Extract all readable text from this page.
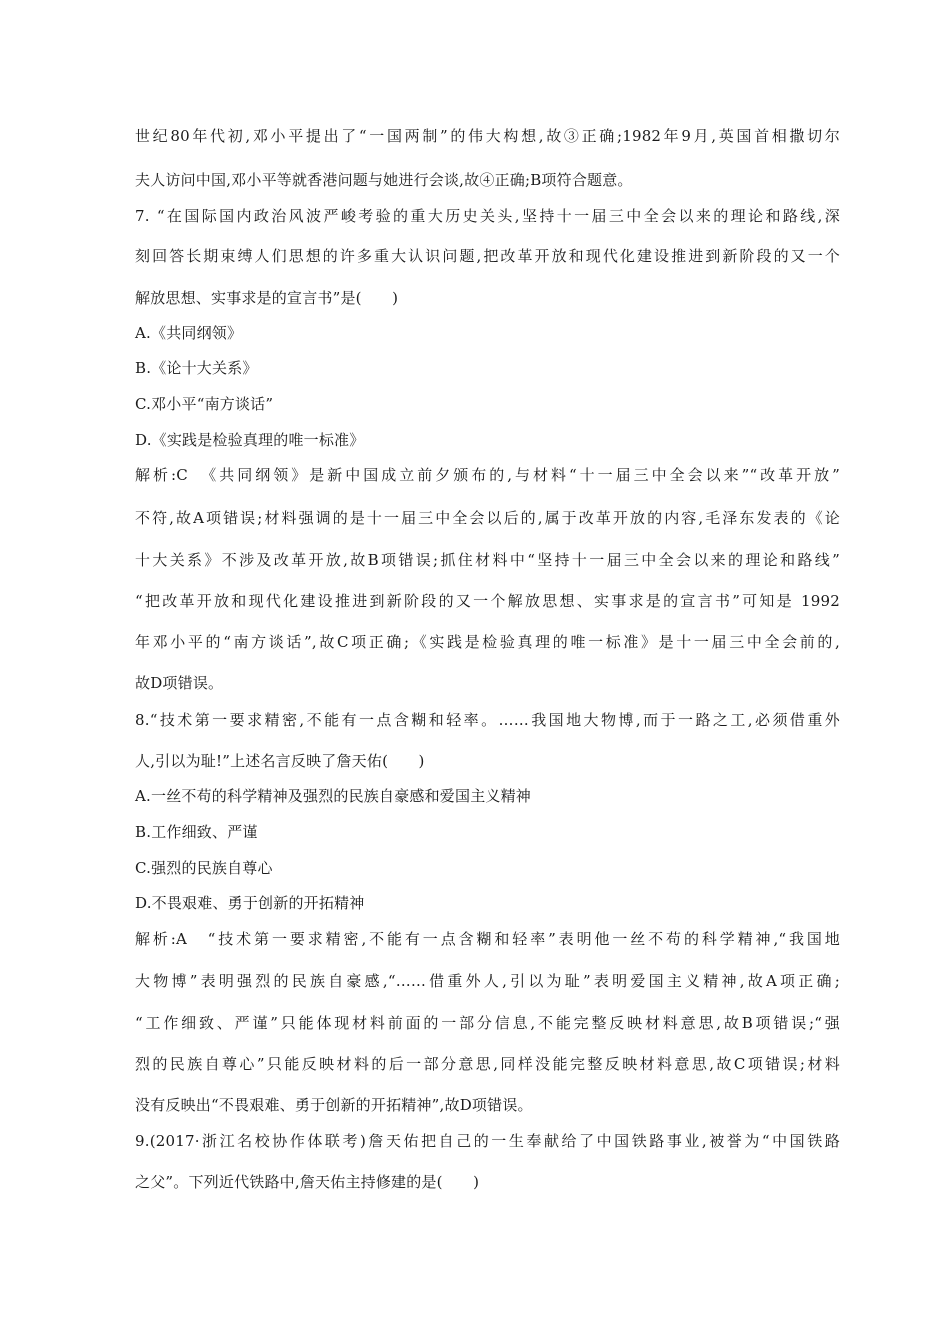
世纪80年代初,邓小平提出了“一国两制”的伟大构想,故③正确;1982年9月,英国首相撒切尔
夫人访问中国,邓小平等就香港问题与她进行会谈,故④正确;B项符合题意。
7. “在国际国内政治风波严峻考验的重大历史关头,坚持十一届三中全会以来的理论和路线,深
刻回答长期束缚人们思想的许多重大认识问题,把改革开放和现代化建设推进到新阶段的又一个
解放思想、实事求是的宣言书”是(　　)
A.《共同纲领》
B.《论十大关系》
C.邓小平“南方谈话”
D.《实践是检验真理的唯一标准》
解析:C　《共同纲领》是新中国成立前夕颁布的,与材料“十一届三中全会以来”“改革开放”
不符,故A项错误;材料强调的是十一届三中全会以后的,属于改革开放的内容,毛泽东发表的《论
十大关系》不涉及改革开放,故B项错误;抓住材料中“坚持十一届三中全会以来的理论和路线”
“把改革开放和现代化建设推进到新阶段的又一个解放思想、实事求是的宣言书”可知是 1992
年邓小平的“南方谈话”,故C项正确;《实践是检验真理的唯一标准》是十一届三中全会前的,
故D项错误。
8.“技术第一要求精密,不能有一点含糊和轻率。……我国地大物博,而于一路之工,必须借重外
人,引以为耻!”上述名言反映了詹天佑(　　)
A.一丝不苟的科学精神及强烈的民族自豪感和爱国主义精神
B.工作细致、严谨
C.强烈的民族自尊心
D.不畏艰难、勇于创新的开拓精神
解析:A　“技术第一要求精密,不能有一点含糊和轻率”表明他一丝不苟的科学精神,“我国地
大物博”表明强烈的民族自豪感,“……借重外人,引以为耻”表明爱国主义精神,故A项正确;
“工作细致、严谨”只能体现材料前面的一部分信息,不能完整反映材料意思,故B项错误;“强
烈的民族自尊心”只能反映材料的后一部分意思,同样没能完整反映材料意思,故C项错误;材料
没有反映出“不畏艰难、勇于创新的开拓精神”,故D项错误。
9.(2017·浙江名校协作体联考)詹天佑把自己的一生奉献给了中国铁路事业,被誉为“中国铁路
之父”。下列近代铁路中,詹天佑主持修建的是(　　)
